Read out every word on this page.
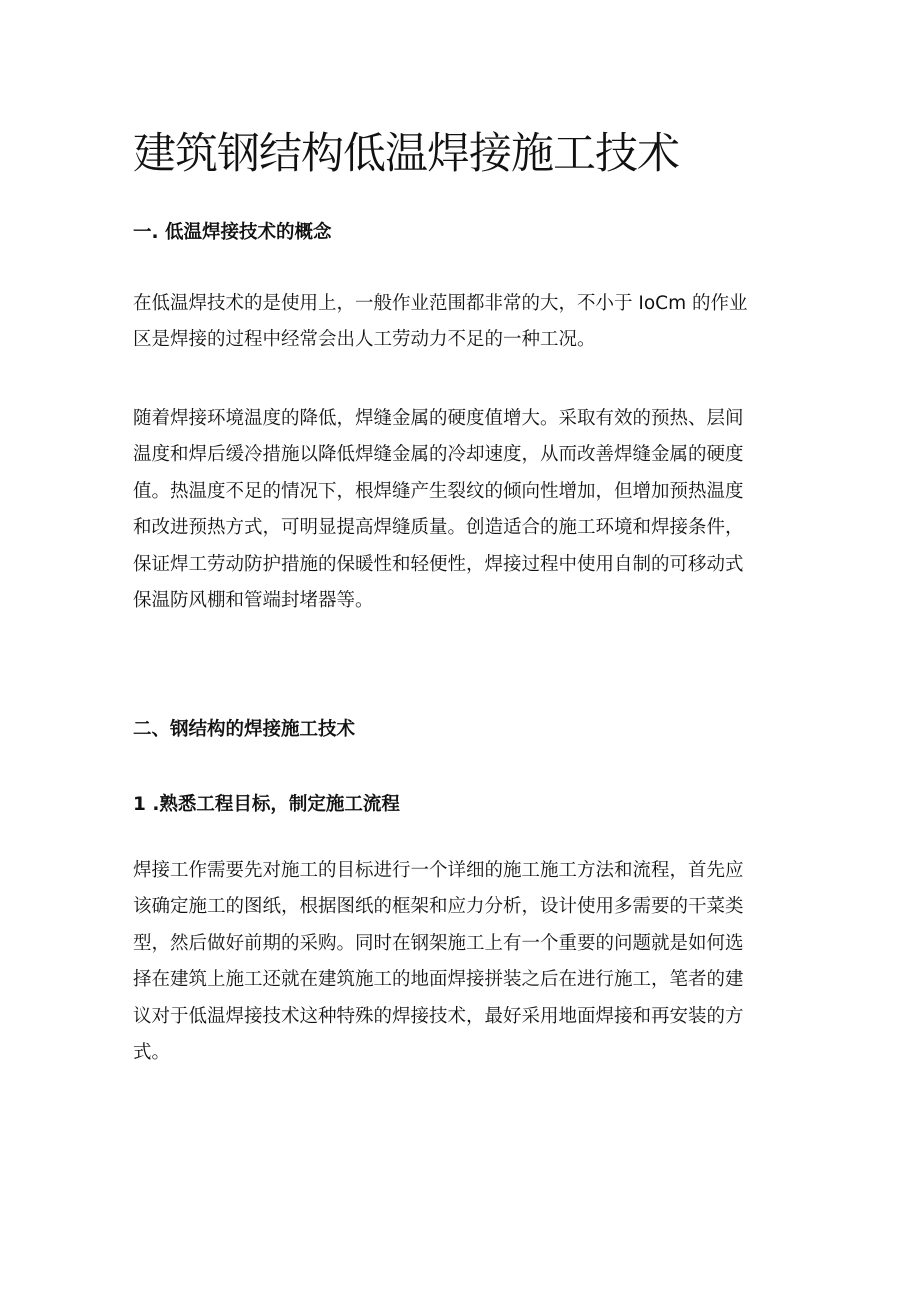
建筑钢结构低温焊接施工技术
一. 低温焊接技术的概念

在低温焊技术的是使用上，一般作业范围都非常的大，不小于 IoCm 的作业
区是焊接的过程中经常会出人工劳动力不足的一种工况。

随着焊接环境温度的降低，焊缝金属的硬度值增大。采取有效的预热、层间
温度和焊后缓冷措施以降低焊缝金属的冷却速度，从而改善焊缝金属的硬度
值。热温度不足的情况下，根焊缝产生裂纹的倾向性增加，但增加预热温度
和改进预热方式，可明显提高焊缝质量。创造适合的施工环境和焊接条件，
保证焊工劳动防护措施的保暖性和轻便性，焊接过程中使用自制的可移动式
保温防风棚和管端封堵器等。

二、钢结构的焊接施工技术
1 .熟悉工程目标，制定施工流程

焊接工作需要先对施工的目标进行一个详细的施工施工方法和流程，首先应
该确定施工的图纸，根据图纸的框架和应力分析，设计使用多需要的干菜类
型，然后做好前期的采购。同时在钢架施工上有一个重要的问题就是如何选
择在建筑上施工还就在建筑施工的地面焊接拼装之后在进行施工，笔者的建
议对于低温焊接技术这种特殊的焊接技术，最好采用地面焊接和再安装的方
式。
